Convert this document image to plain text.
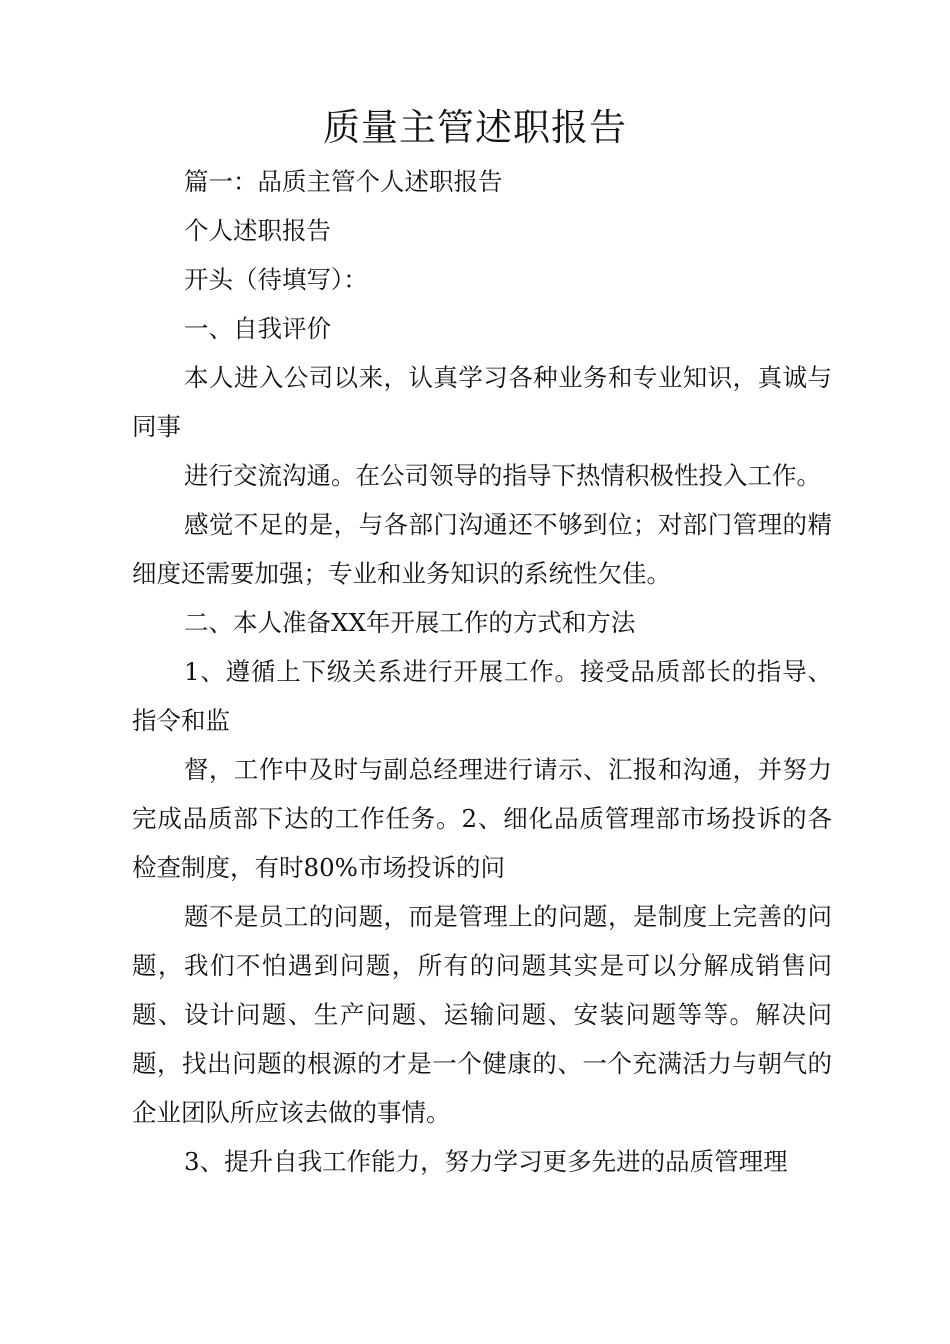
质量主管述职报告

篇一：品质主管个人述职报告

个人述职报告

开头（待填写）：

一、自我评价

本人进入公司以来，认真学习各种业务和专业知识，真诚与同事

进行交流沟通。在公司领导的指导下热情积极性投入工作。

感觉不足的是，与各部门沟通还不够到位；对部门管理的精细度还需要加强；专业和业务知识的系统性欠佳。

二、本人准备XX年开展工作的方式和方法

1、遵循上下级关系进行开展工作。接受品质部长的指导、指令和监

督，工作中及时与副总经理进行请示、汇报和沟通，并努力完成品质部下达的工作任务。2、细化品质管理部市场投诉的各检查制度，有时80%市场投诉的问

题不是员工的问题，而是管理上的问题，是制度上完善的问题，我们不怕遇到问题，所有的问题其实是可以分解成销售问题、设计问题、生产问题、运输问题、安装问题等等。解决问题，找出问题的根源的才是一个健康的、一个充满活力与朝气的企业团队所应该去做的事情。

3、提升自我工作能力，努力学习更多先进的品质管理理
